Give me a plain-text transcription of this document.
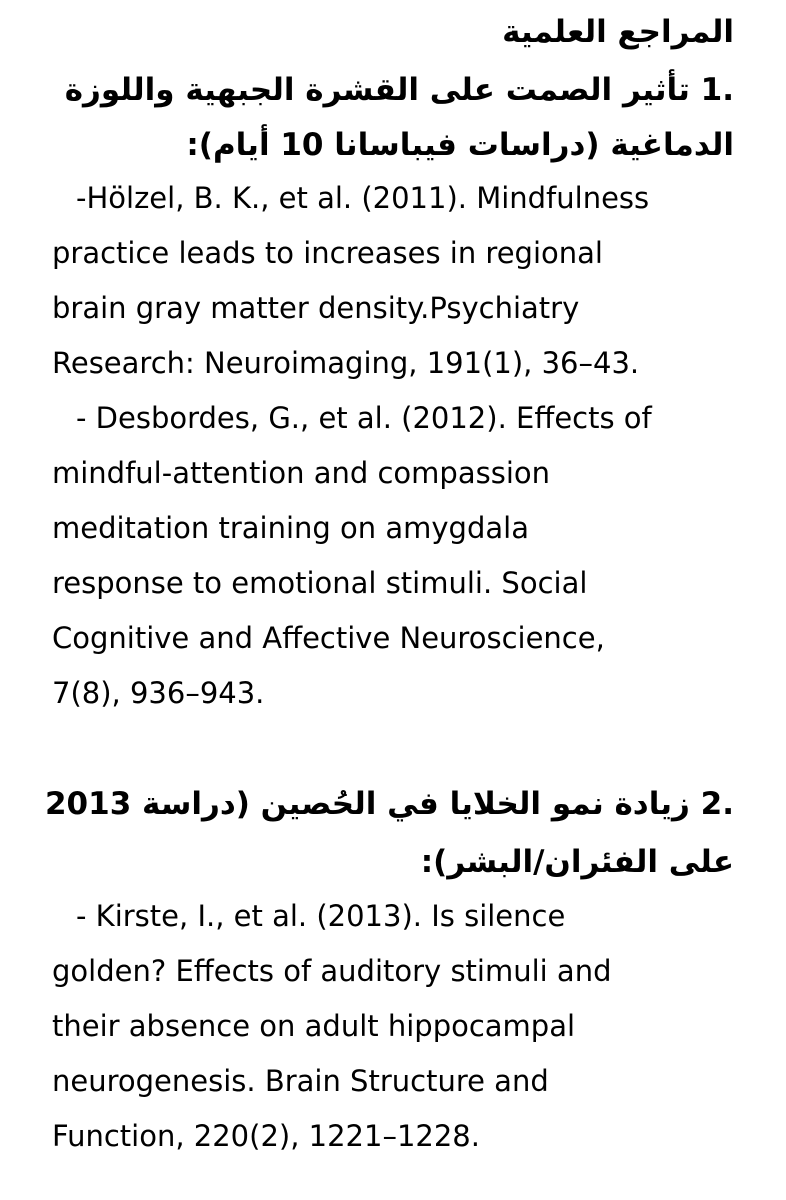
المراجع العلمية
.1 تأثير الصمت على القشرة الجبهية واللوزة
الدماغية (دراسات فيباسانا 10 أيام):
-Hölzel, B. K., et al. (2011). Mindfulness
practice leads to increases in regional
brain gray matter density.Psychiatry
Research: Neuroimaging, 191(1), 36–43.
- Desbordes, G., et al. (2012). Effects of
mindful-attention and compassion
meditation training on amygdala
response to emotional stimuli. Social
Cognitive and Affective Neuroscience,
7(8), 936–943.
.2 زيادة نمو الخلايا في الحُصين (دراسة 2013
على الفئران/البشر):
- Kirste, I., et al. (2013). Is silence
golden? Effects of auditory stimuli and
their absence on adult hippocampal
neurogenesis. Brain Structure and
Function, 220(2), 1221–1228.
